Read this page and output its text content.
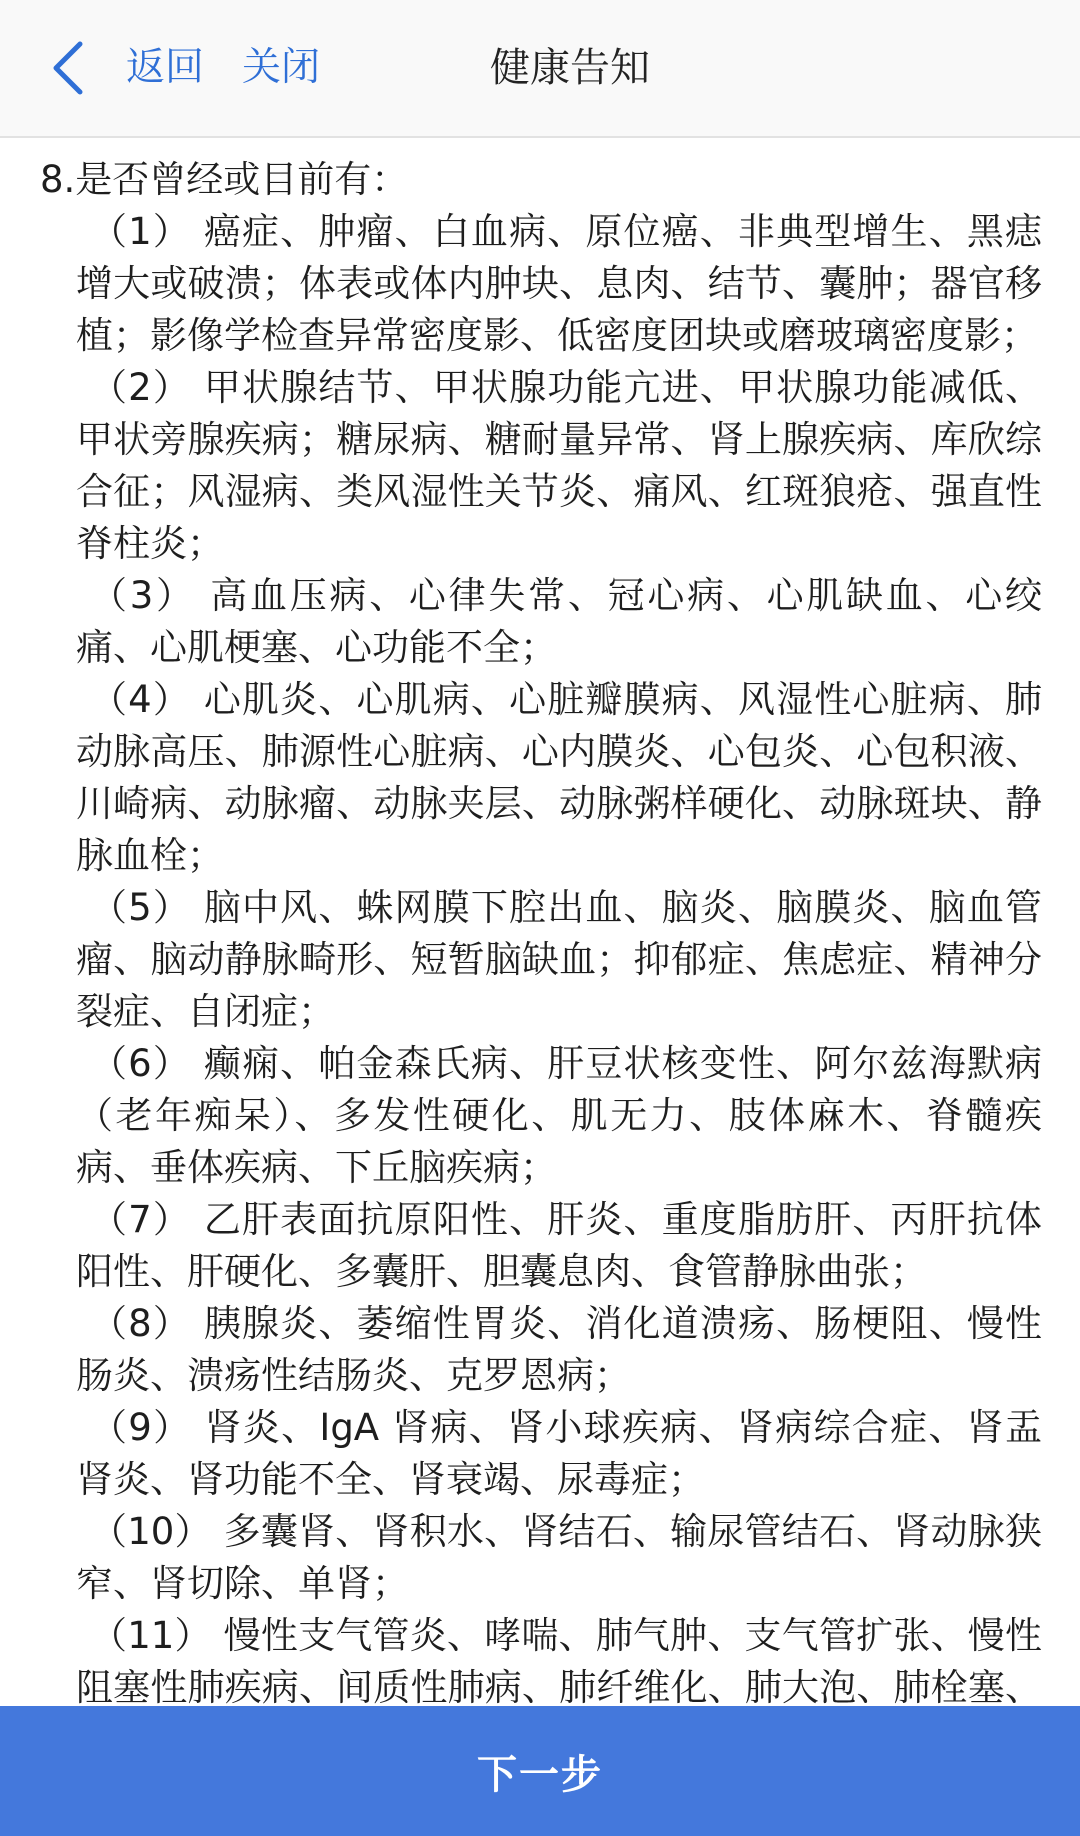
返回 关闭	健康告知
8.是否曾经或目前有：

（1） 癌症、肿瘤、白血病、原位癌、非典型增生、黑痣增大或破溃；体表或体内肿块、息肉、结节、囊肿；器官移植；影像学检查异常密度影、低密度团块或磨玻璃密度影；

（2） 甲状腺结节、甲状腺功能亢进、甲状腺功能减低、甲状旁腺疾病；糖尿病、糖耐量异常、肾上腺疾病、库欣综合征；风湿病、类风湿性关节炎、痛风、红斑狼疮、强直性脊柱炎；

（3） 高血压病、心律失常、冠心病、心肌缺血、心绞痛、心肌梗塞、心功能不全；

（4） 心肌炎、心肌病、心脏瓣膜病、风湿性心脏病、肺动脉高压、肺源性心脏病、心内膜炎、心包炎、心包积液、川崎病、动脉瘤、动脉夹层、动脉粥样硬化、动脉斑块、静脉血栓；

（5） 脑中风、蛛网膜下腔出血、脑炎、脑膜炎、脑血管瘤、脑动静脉畸形、短暂脑缺血；抑郁症、焦虑症、精神分裂症、自闭症；

（6） 癫痫、帕金森氏病、肝豆状核变性、阿尔兹海默病（老年痴呆）、多发性硬化、肌无力、肢体麻木、脊髓疾病、垂体疾病、下丘脑疾病；

（7） 乙肝表面抗原阳性、肝炎、重度脂肪肝、丙肝抗体阳性、肝硬化、多囊肝、胆囊息肉、食管静脉曲张；

（8） 胰腺炎、萎缩性胃炎、消化道溃疡、肠梗阻、慢性肠炎、溃疡性结肠炎、克罗恩病；

（9） 肾炎、IgA 肾病、肾小球疾病、肾病综合症、肾盂肾炎、肾功能不全、肾衰竭、尿毒症；

（10） 多囊肾、肾积水、肾结石、输尿管结石、肾动脉狭窄、肾切除、单肾；

（11） 慢性支气管炎、哮喘、肺气肿、支气管扩张、慢性阻塞性肺疾病、间质性肺病、肺纤维化、肺大泡、肺栓塞、

下一步
